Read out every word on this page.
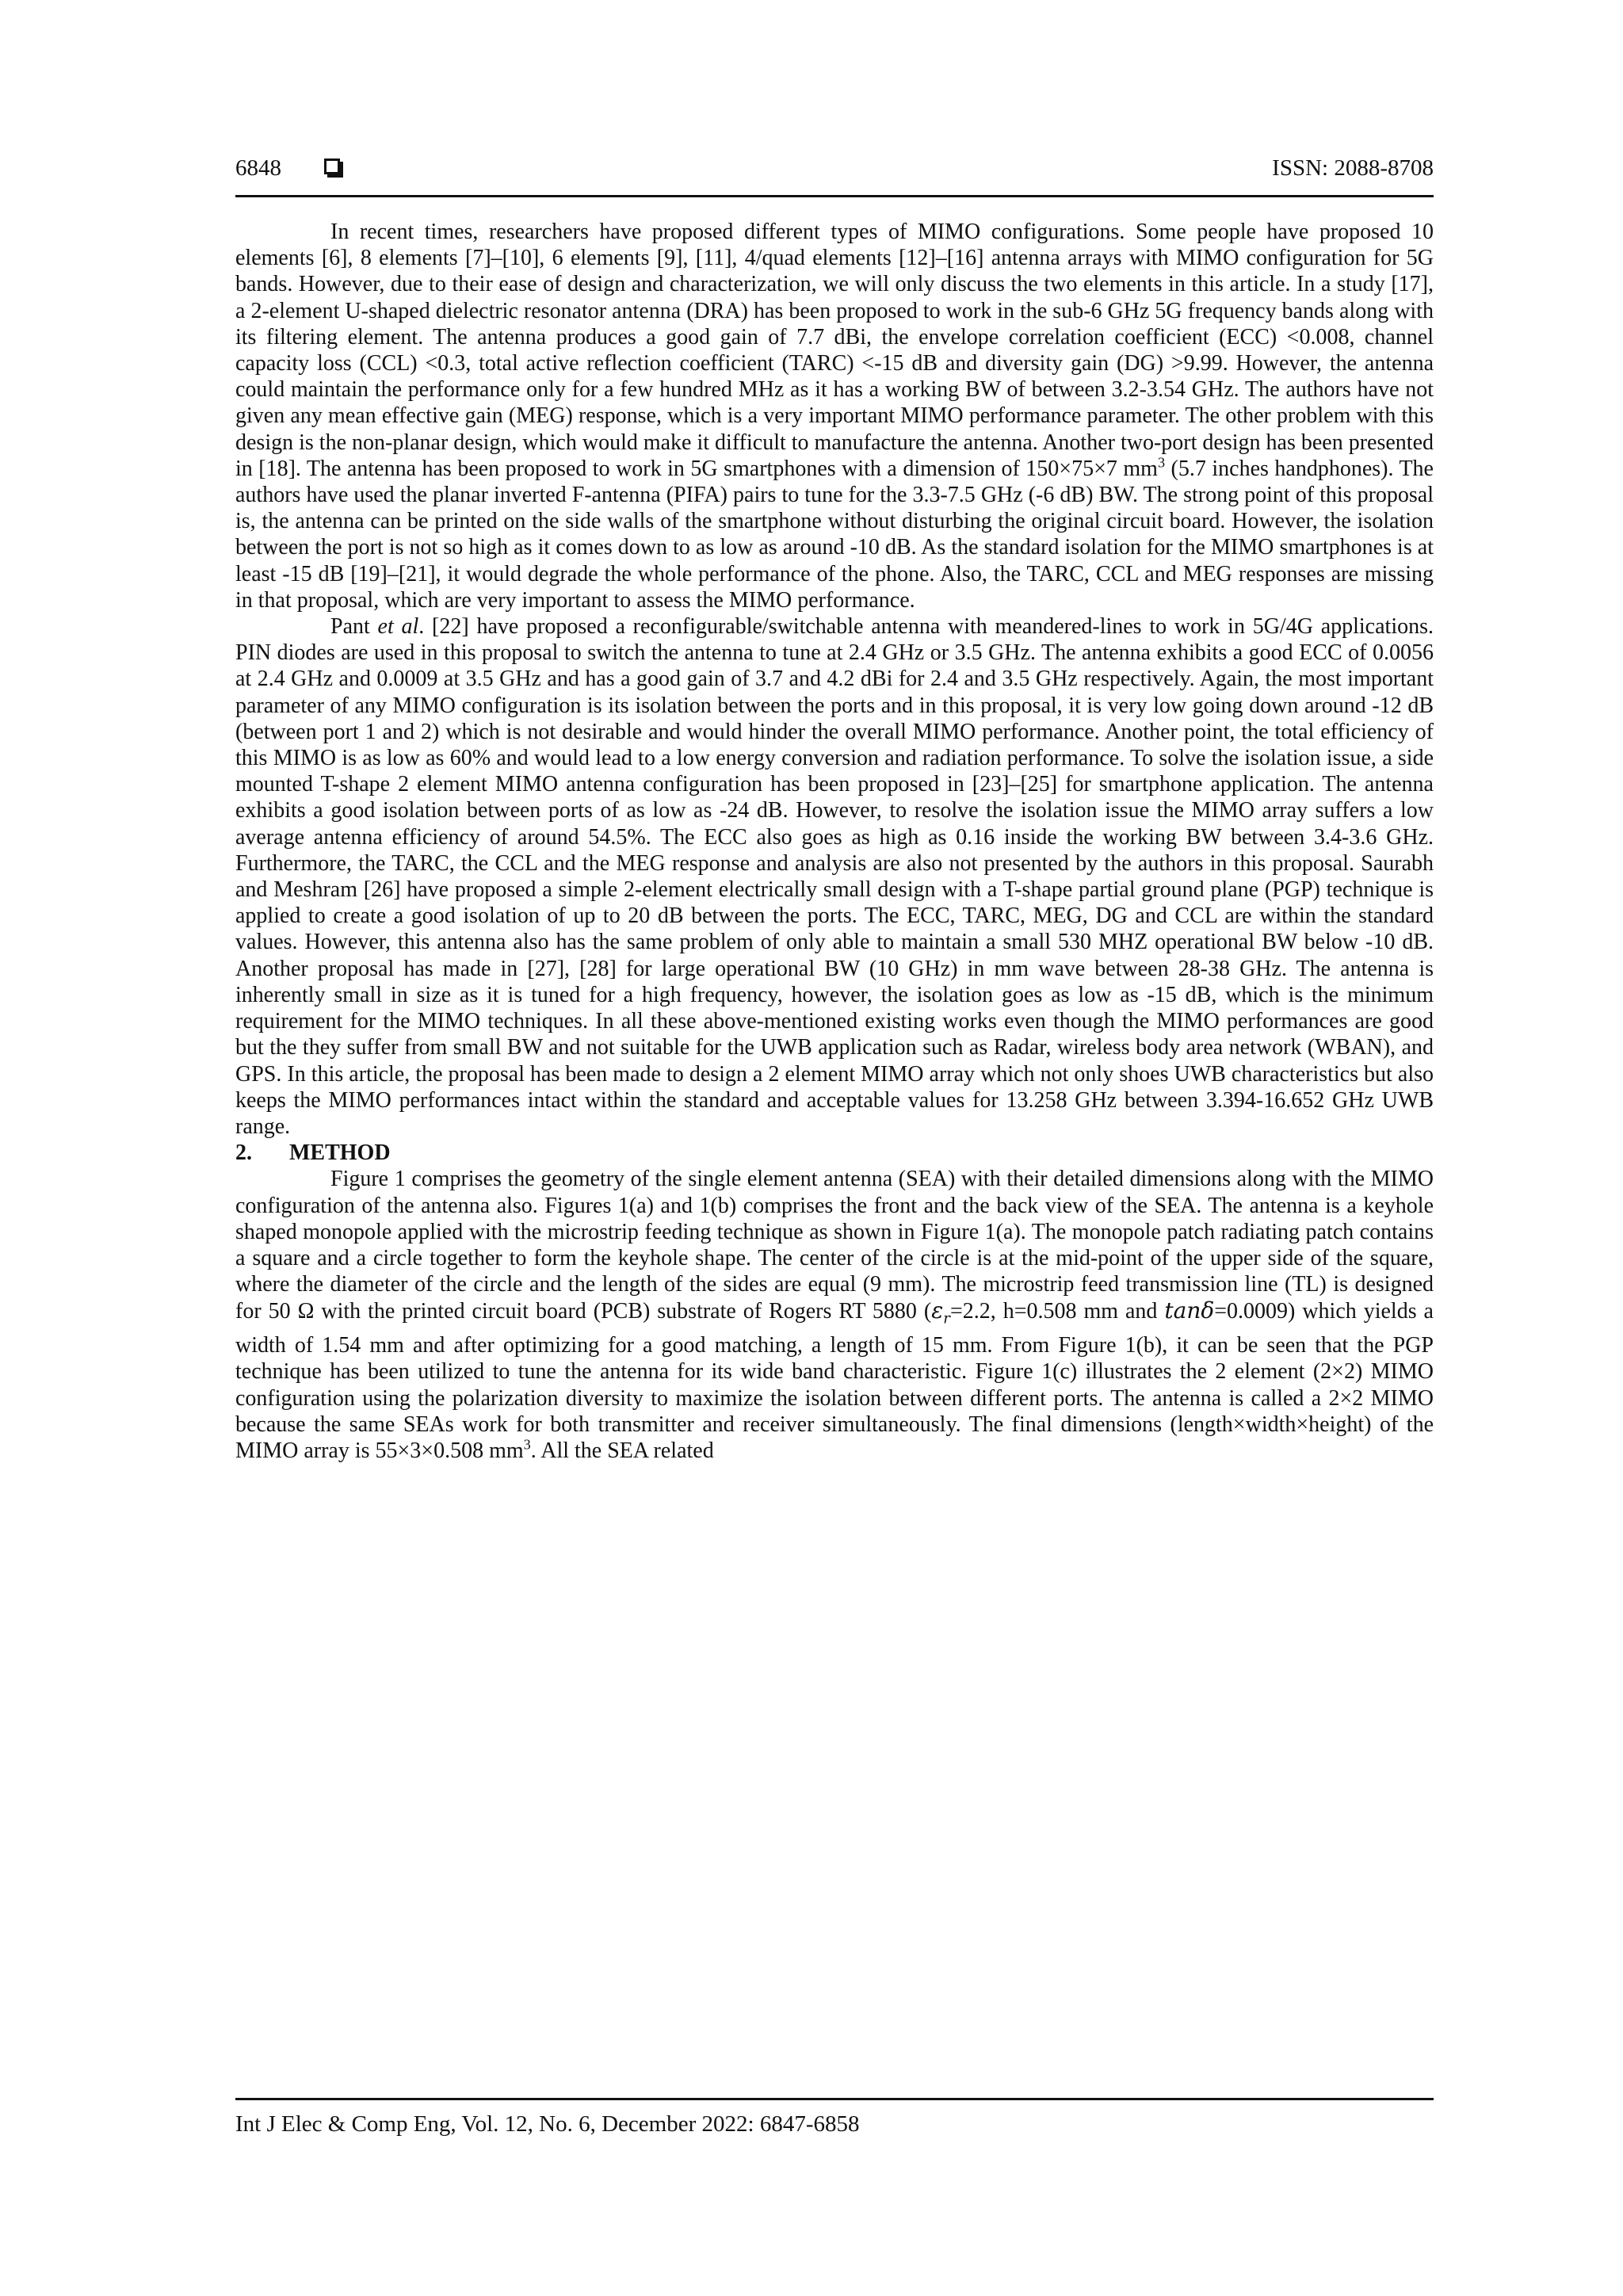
6848	ISSN: 2088-8708

In recent times, researchers have proposed different types of MIMO configurations. Some people have proposed 10 elements [6], 8 elements [7]–[10], 6 elements [9], [11], 4/quad elements [12]–[16] antenna arrays with MIMO configuration for 5G bands. However, due to their ease of design and characterization, we will only discuss the two elements in this article. In a study [17], a 2-element U-shaped dielectric resonator antenna (DRA) has been proposed to work in the sub-6 GHz 5G frequency bands along with its filtering element. The antenna produces a good gain of 7.7 dBi, the envelope correlation coefficient (ECC) <0.008, channel capacity loss (CCL) <0.3, total active reflection coefficient (TARC) <-15 dB and diversity gain (DG) >9.99. However, the antenna could maintain the performance only for a few hundred MHz as it has a working BW of between 3.2-3.54 GHz. The authors have not given any mean effective gain (MEG) response, which is a very important MIMO performance parameter. The other problem with this design is the non-planar design, which would make it difficult to manufacture the antenna. Another two-port design has been presented in [18]. The antenna has been proposed to work in 5G smartphones with a dimension of 150×75×7 $mm^3$ (5.7 inches handphones). The authors have used the planar inverted F-antenna (PIFA) pairs to tune for the 3.3-7.5 GHz (-6 dB) BW. The strong point of this proposal is, the antenna can be printed on the side walls of the smartphone without disturbing the original circuit board. However, the isolation between the port is not so high as it comes down to as low as around -10 dB. As the standard isolation for the MIMO smartphones is at least -15 dB [19]–[21], it would degrade the whole performance of the phone. Also, the TARC, CCL and MEG responses are missing in that proposal, which are very important to assess the MIMO performance.

Pant et al. [22] have proposed a reconfigurable/switchable antenna with meandered-lines to work in 5G/4G applications. PIN diodes are used in this proposal to switch the antenna to tune at 2.4 GHz or 3.5 GHz. The antenna exhibits a good ECC of 0.0056 at 2.4 GHz and 0.0009 at 3.5 GHz and has a good gain of 3.7 and 4.2 dBi for 2.4 and 3.5 GHz respectively. Again, the most important parameter of any MIMO configuration is its isolation between the ports and in this proposal, it is very low going down around -12 dB (between port 1 and 2) which is not desirable and would hinder the overall MIMO performance. Another point, the total efficiency of this MIMO is as low as 60% and would lead to a low energy conversion and radiation performance. To solve the isolation issue, a side mounted T-shape 2 element MIMO antenna configuration has been proposed in [23]–[25] for smartphone application. The antenna exhibits a good isolation between ports of as low as -24 dB. However, to resolve the isolation issue the MIMO array suffers a low average antenna efficiency of around 54.5%. The ECC also goes as high as 0.16 inside the working BW between 3.4-3.6 GHz. Furthermore, the TARC, the CCL and the MEG response and analysis are also not presented by the authors in this proposal. Saurabh and Meshram [26] have proposed a simple 2-element electrically small design with a T-shape partial ground plane (PGP) technique is applied to create a good isolation of up to 20 dB between the ports. The ECC, TARC, MEG, DG and CCL are within the standard values. However, this antenna also has the same problem of only able to maintain a small 530 MHZ operational BW below -10 dB. Another proposal has made in [27], [28] for large operational BW (10 GHz) in mm wave between 28-38 GHz. The antenna is inherently small in size as it is tuned for a high frequency, however, the isolation goes as low as -15 dB, which is the minimum requirement for the MIMO techniques. In all these above-mentioned existing works even though the MIMO performances are good but the they suffer from small BW and not suitable for the UWB application such as Radar, wireless body area network (WBAN), and GPS. In this article, the proposal has been made to design a 2 element MIMO array which not only shoes UWB characteristics but also keeps the MIMO performances intact within the standard and acceptable values for 13.258 GHz between 3.394-16.652 GHz UWB range.

2. METHOD

Figure 1 comprises the geometry of the single element antenna (SEA) with their detailed dimensions along with the MIMO configuration of the antenna also. Figures 1(a) and 1(b) comprises the front and the back view of the SEA. The antenna is a keyhole shaped monopole applied with the microstrip feeding technique as shown in Figure 1(a). The monopole patch radiating patch contains a square and a circle together to form the keyhole shape. The center of the circle is at the mid-point of the upper side of the square, where the diameter of the circle and the length of the sides are equal (9 mm). The microstrip feed transmission line (TL) is designed for 50 Ω with the printed circuit board (PCB) substrate of Rogers RT 5880 ($\varepsilon_r=2.2$, h=0.508 mm and tanδ=0.0009) which yields a width of 1.54 mm and after optimizing for a good matching, a length of 15 mm. From Figure 1(b), it can be seen that the PGP technique has been utilized to tune the antenna for its wide band characteristic. Figure 1(c) illustrates the 2 element (2×2) MIMO configuration using the polarization diversity to maximize the isolation between different ports. The antenna is called a 2×2 MIMO because the same SEAs work for both transmitter and receiver simultaneously. The final dimensions (length×width×height) of the MIMO array is 55×3×0.508 $mm^3$. All the SEA related

Int J Elec & Comp Eng, Vol. 12, No. 6, December 2022: 6847-6858
